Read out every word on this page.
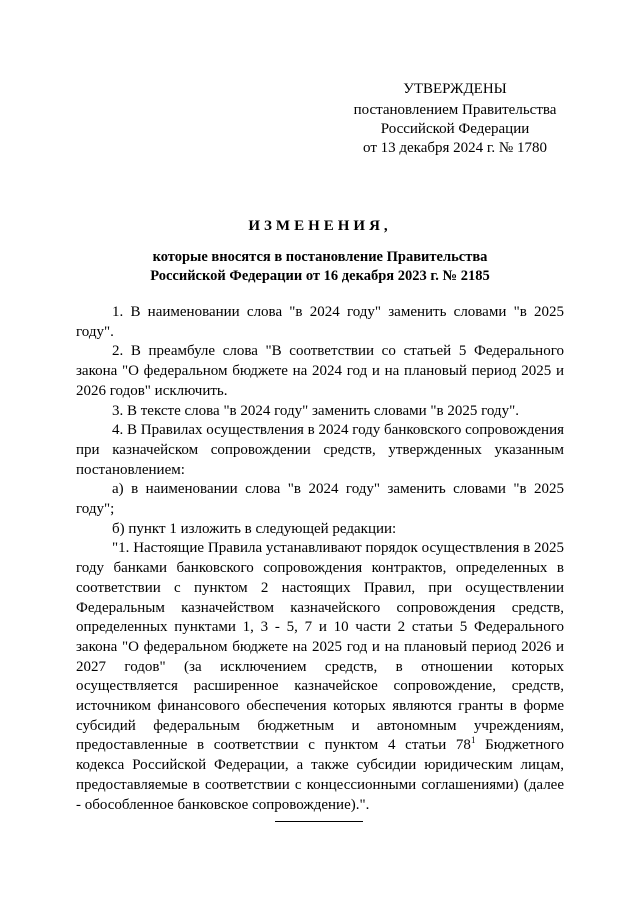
УТВЕРЖДЕНЫ
постановлением Правительства
Российской Федерации
от 13 декабря 2024 г. № 1780
ИЗМЕНЕНИЯ,
которые вносятся в постановление Правительства
Российской Федерации от 16 декабря 2023 г. № 2185

1. В наименовании слова "в 2024 году" заменить словами "в 2025 году".

2. В преамбуле слова "В соответствии со статьей 5 Федерального закона "О федеральном бюджете на 2024 год и на плановый период 2025 и 2026 годов" исключить.

3. В тексте слова "в 2024 году" заменить словами "в 2025 году".

4. В Правилах осуществления в 2024 году банковского сопровождения при казначейском сопровождении средств, утвержденных указанным постановлением:

а) в наименовании слова "в 2024 году" заменить словами "в 2025 году";

б) пункт 1 изложить в следующей редакции:

"1. Настоящие Правила устанавливают порядок осуществления в 2025 году банками банковского сопровождения контрактов, определенных в соответствии с пунктом 2 настоящих Правил, при осуществлении Федеральным казначейством казначейского сопровождения средств, определенных пунктами 1, 3 - 5, 7 и 10 части 2 статьи 5 Федерального закона "О федеральном бюджете на 2025 год и на плановый период 2026 и 2027 годов" (за исключением средств, в отношении которых осуществляется расширенное казначейское сопровождение, средств, источником финансового обеспечения которых являются гранты в форме субсидий федеральным бюджетным и автономным учреждениям, предоставленные в соответствии с пунктом 4 статьи $78^1$ Бюджетного кодекса Российской Федерации, а также субсидии юридическим лицам, предоставляемые в соответствии с концессионными соглашениями) (далее - обособленное банковское сопровождение).".
